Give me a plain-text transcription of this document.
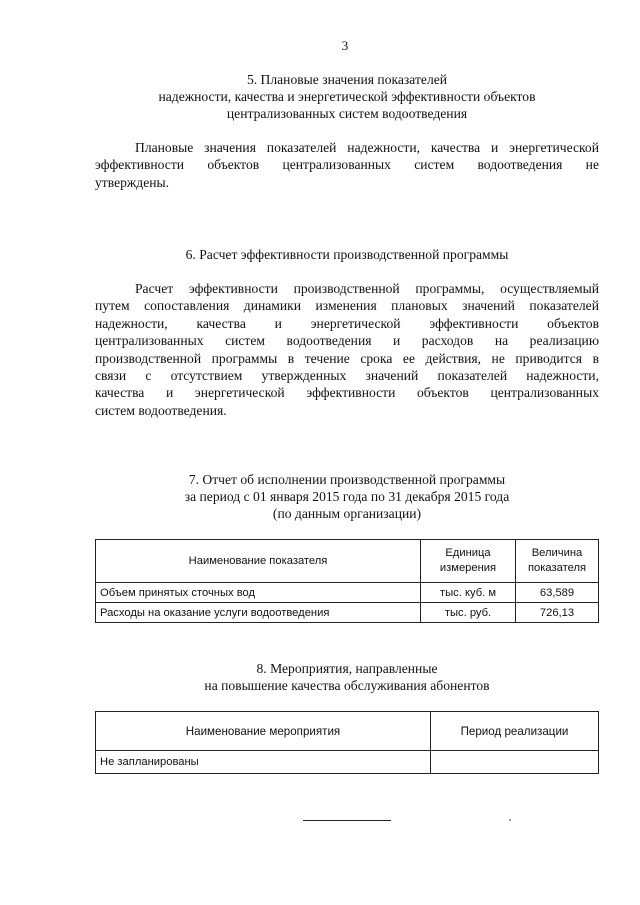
3
5. Плановые значения показателей
надежности, качества и энергетической эффективности объектов
централизованных систем водоотведения
Плановые значения показателей надежности, качества и энергетической
эффективности объектов централизованных систем водоотведения не
утверждены.
6. Расчет эффективности производственной программы
Расчет эффективности производственной программы, осуществляемый
путем сопоставления динамики изменения плановых значений показателей
надежности, качества и энергетической эффективности объектов
централизованных систем водоотведения и расходов на реализацию
производственной программы в течение срока ее действия, не приводится в
связи с отсутствием утвержденных значений показателей надежности,
качества и энергетической эффективности объектов централизованных
систем водоотведения.
7. Отчет об исполнении производственной программы
за период с 01 января 2015 года по 31 декабря 2015 года
(по данным организации)
Наименование показателя	Единица измерения	Величина показателя
Объем принятых сточных вод	тыс. куб. м	63,589
Расходы на оказание услуги водоотведения	тыс. руб.	726,13
8. Мероприятия, направленные
на повышение качества обслуживания абонентов
Наименование мероприятия	Период реализации
Не запланированы	
